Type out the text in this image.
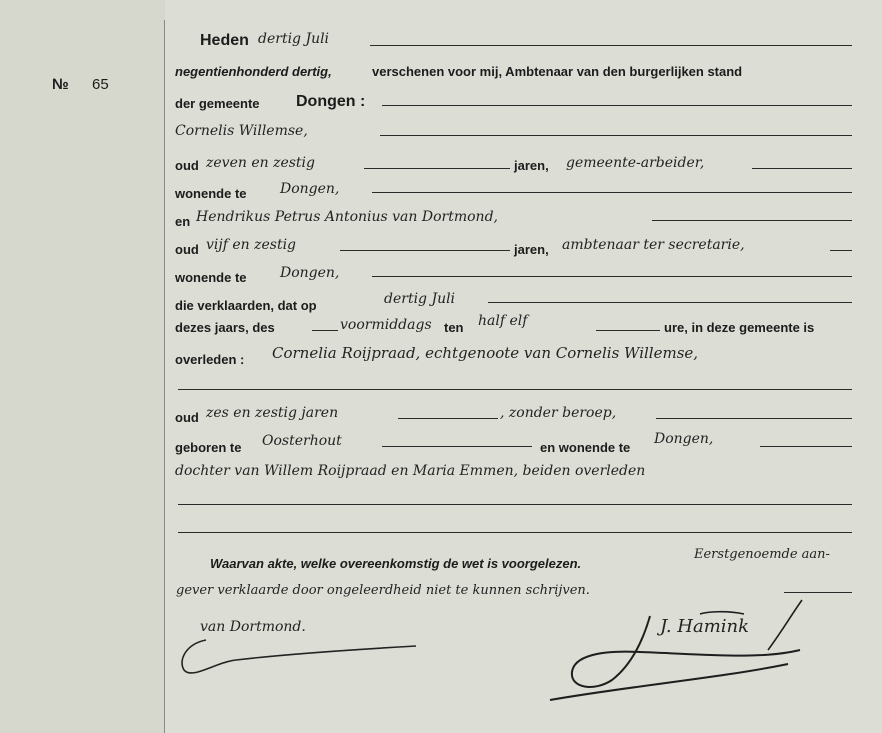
№ 65
Heden dertig Juli
negentienhonderd dertig,	verschenen voor mij, Ambtenaar van den burgerlijken stand
der gemeente Dongen :
Cornelis Willemse,
oud zeven en zestig	jaren, gemeente-arbeider,
wonende te Dongen,
en Hendrikus Petrus Antonius van Dortmond,
oud vijf en zestig	jaren, ambtenaar ter secretarie,
wonende te Dongen,
die verklaarden, dat op	dertig Juli
dezes jaars, des	voormiddags ten half elf	ure, in deze gemeente is
overleden : Cornelia Roijpraad, echtgenoote van Cornelis Willemse,
oud zes en zestig jaren	, zonder beroep,
geboren te Oosterhout	en wonende te
Dongen,
dochter van Willem Roijpraad en Maria Emmen, beiden overleden
Waarvan akte, welke overeenkomstig de wet is voorgelezen.
Eerstgenoemde aan-
gever verklaarde door ongeleerdheid niet te kunnen schrijven.
van Dortmond.	J. Hamink
